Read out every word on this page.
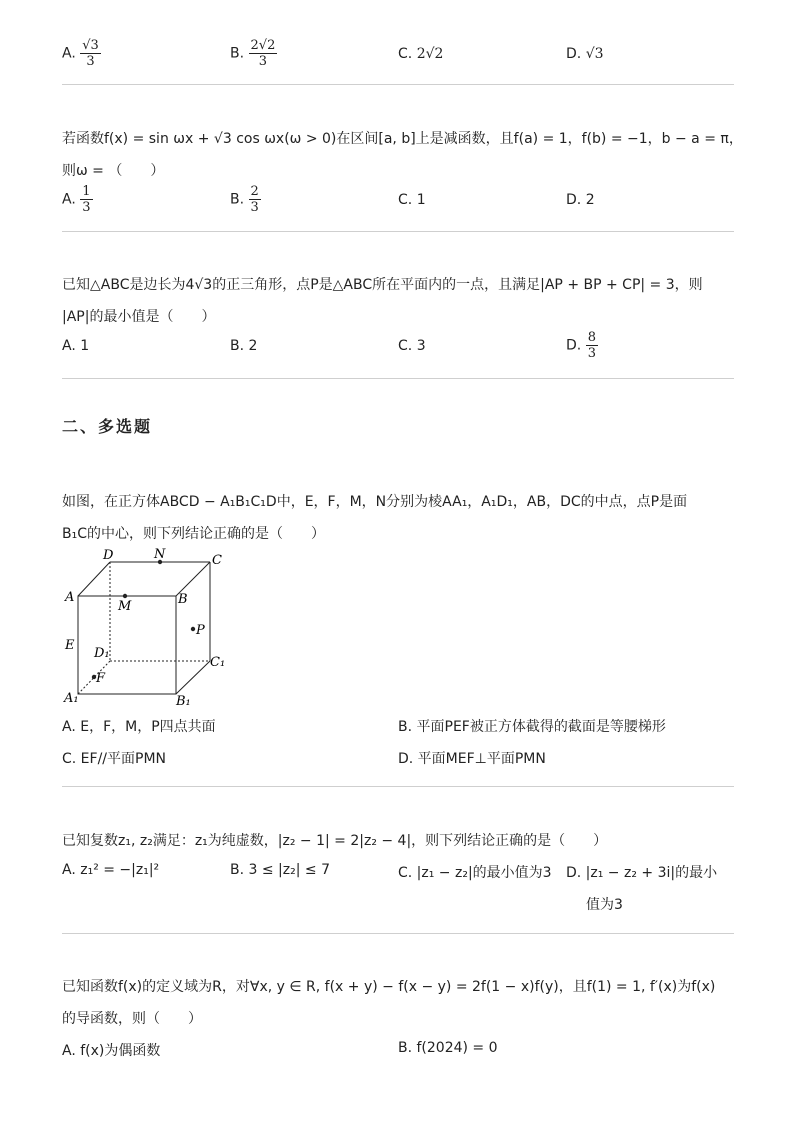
A. $\frac{√3}{3}$	B. $\frac{2√2}{3}$	C. 2√2	D. √3
若函数f(x) = sin ωx + √3 cos ωx(ω > 0)在区间[a, b]上是减函数，且f(a) = 1，f(b) = −1，b − a = π，
则ω = （　　）
A. $\frac{1}{3}$	B. $\frac{2}{3}$	C. 1	D. 2
已知△ABC是边长为4√3的正三角形，点P是△ABC所在平面内的一点，且满足|AP + BP + CP| = 3，则
|AP|的最小值是（　　）
A. 1	B. 2	C. 3	D. $\frac{8}{3}$
二、多选题
如图，在正方体ABCD − A₁B₁C₁D中，E，F，M，N分别为棱AA₁，A₁D₁，AB，DC的中点，点P是面
B₁C的中心，则下列结论正确的是（　　）
D	N	C
A
M	B
P
E
D₁
C₁
F
A₁	B₁
A. E，F，M，P四点共面	B. 平面PEF被正方体截得的截面是等腰梯形
C. EF//平面PMN	D. 平面MEF⊥平面PMN
已知复数z₁, z₂满足：z₁为纯虚数，|z₂ − 1| = 2|z₂ − 4|，则下列结论正确的是（　　）
A. z₁² = −|z₁|²	B. 3 ≤ |z₂| ≤ 7	C. |z₁ − z₂|的最小值为3 D. |z₁ − z₂ + 3i|的最小
值为3
已知函数f(x)的定义域为R，对∀x, y ∈ R, f(x + y) − f(x − y) = 2f(1 − x)f(y)，且f(1) = 1, f′(x)为f(x)
的导函数，则（　　）
A. f(x)为偶函数	B. f(2024) = 0
